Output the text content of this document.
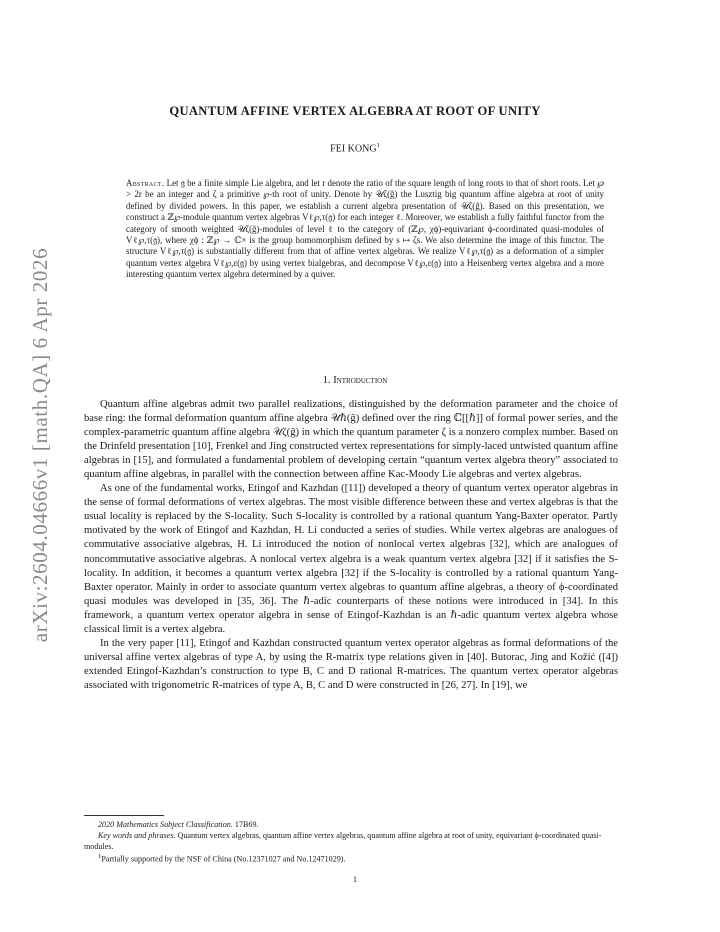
arXiv:2604.04666v1 [math.QA] 6 Apr 2026
QUANTUM AFFINE VERTEX ALGEBRA AT ROOT OF UNITY
FEI KONG$^1$
Abstract. Let 𝔤 be a finite simple Lie algebra, and let r denote the ratio of the square length of long roots to that of short roots. Let ℘ > 2r be an integer and ζ a primitive ℘-th root of unity. Denote by 𝒰ζ(ĝ) the Lusztig big quantum affine algebra at root of unity defined by divided powers. In this paper, we establish a current algebra presentation of 𝒰ζ(ĝ). Based on this presentation, we construct a ℤ℘-module quantum vertex algebras Vℓ℘,τ(𝔤) for each integer ℓ. Moreover, we establish a fully faithful functor from the category of smooth weighted 𝒰ζ(ĝ)-modules of level ℓ to the category of (ℤ℘, χϕ)-equivariant ϕ-coordinated quasi-modules of Vℓ℘,τ(𝔤), where χϕ : ℤ℘ → ℂ× is the group homomorphism defined by s ↦ ζs. We also determine the image of this functor. The structure Vℓ℘,τ(𝔤) is substantially different from that of affine vertex algebras. We realize Vℓ℘,τ(𝔤) as a deformation of a simpler quantum vertex algebra Vℓ℘,ε(𝔤) by using vertex bialgebras, and decompose Vℓ℘,ε(𝔤) into a Heisenberg vertex algebra and a more interesting quantum vertex algebra determined by a quiver.
1. Introduction

Quantum affine algebras admit two parallel realizations, distinguished by the deformation parameter and the choice of base ring: the formal deformation quantum affine algebra 𝒰ℏ(ĝ) defined over the ring ℂ[[ℏ]] of formal power series, and the complex-parametric quantum affine algebra 𝒰ζ(ĝ) in which the quantum parameter ζ is a nonzero complex number. Based on the Drinfeld presentation [10], Frenkel and Jing constructed vertex representations for simply-laced untwisted quantum affine algebras in [15], and formulated a fundamental problem of developing certain “quantum vertex algebra theory” associated to quantum affine algebras, in parallel with the connection between affine Kac-Moody Lie algebras and vertex algebras.

As one of the fundamental works, Etingof and Kazhdan ([11]) developed a theory of quantum vertex operator algebras in the sense of formal deformations of vertex algebras. The most visible difference between these and vertex algebras is that the usual locality is replaced by the S-locality. Such S-locality is controlled by a rational quantum Yang-Baxter operator. Partly motivated by the work of Etingof and Kazhdan, H. Li conducted a series of studies. While vertex algebras are analogues of commutative associative algebras, H. Li introduced the notion of nonlocal vertex algebras [32], which are analogues of noncommutative associative algebras. A nonlocal vertex algebra is a weak quantum vertex algebra [32] if it satisfies the S-locality. In addition, it becomes a quantum vertex algebra [32] if the S-locality is controlled by a rational quantum Yang-Baxter operator. Mainly in order to associate quantum vertex algebras to quantum affine algebras, a theory of ϕ-coordinated quasi modules was developed in [35, 36]. The ℏ-adic counterparts of these notions were introduced in [34]. In this framework, a quantum vertex operator algebra in sense of Etingof-Kazhdan is an ℏ-adic quantum vertex algebra whose classical limit is a vertex algebra.

In the very paper [11], Etingof and Kazhdan constructed quantum vertex operator algebras as formal deformations of the universal affine vertex algebras of type A, by using the R-matrix type relations given in [40]. Butorac, Jing and Kožić ([4]) extended Etingof-Kazhdan’s construction to type B, C and D rational R-matrices. The quantum vertex operator algebras associated with trigonometric R-matrices of type A, B, C and D were constructed in [26, 27]. In [19], we

2020 Mathematics Subject Classification. 17B69.
Key words and phrases. Quantum vertex algebras, quantum affine vertex algebras, quantum affine algebra at root of unity, equivariant ϕ-coordinated quasi-modules.
$^1$Partially supported by the NSF of China (No.12371027 and No.12471029).
1
